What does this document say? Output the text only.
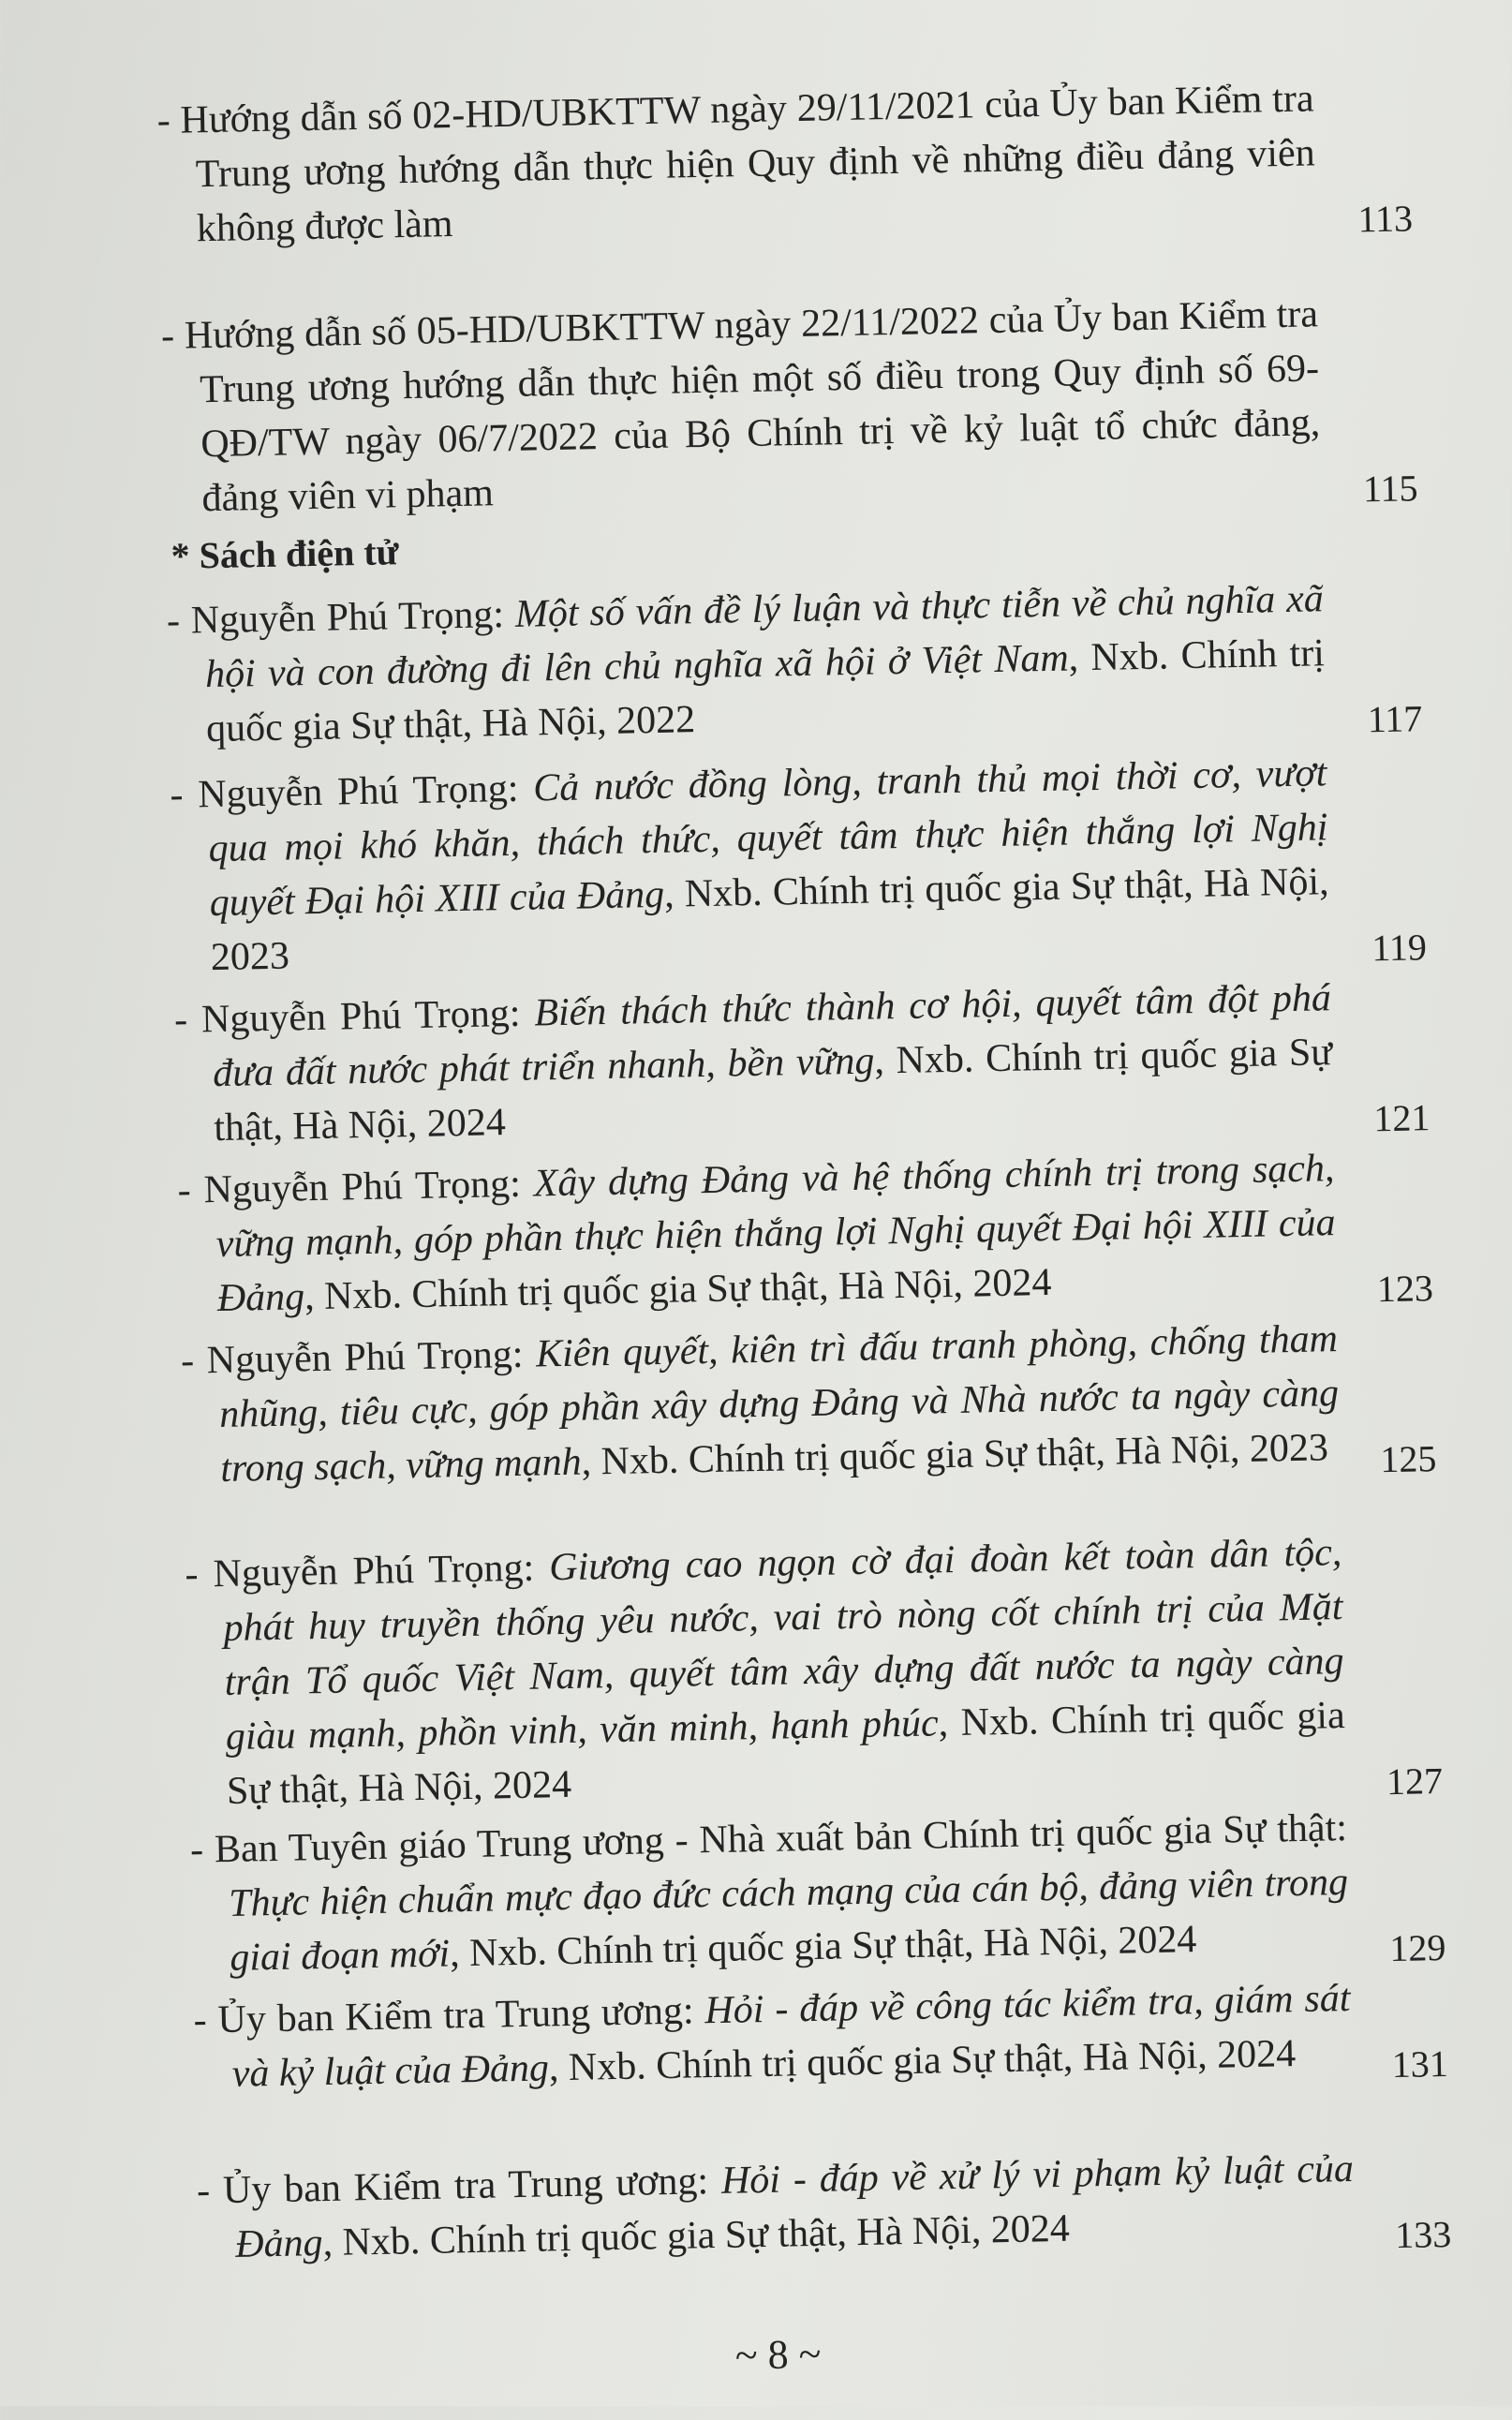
- Hướng dẫn số 02-HD/UBKTTW ngày 29/11/2021 của Ủy ban Kiểm tra Trung ương hướng dẫn thực hiện Quy định về những điều đảng viên không được làm	113
- Hướng dẫn số 05-HD/UBKTTW ngày 22/11/2022 của Ủy ban Kiểm tra Trung ương hướng dẫn thực hiện một số điều trong Quy định số 69-QĐ/TW ngày 06/7/2022 của Bộ Chính trị về kỷ luật tổ chức đảng, đảng viên vi phạm	115
* Sách điện tử
- Nguyễn Phú Trọng: Một số vấn đề lý luận và thực tiễn về chủ nghĩa xã hội và con đường đi lên chủ nghĩa xã hội ở Việt Nam, Nxb. Chính trị quốc gia Sự thật, Hà Nội, 2022	117
- Nguyễn Phú Trọng: Cả nước đồng lòng, tranh thủ mọi thời cơ, vượt qua mọi khó khăn, thách thức, quyết tâm thực hiện thắng lợi Nghị quyết Đại hội XIII của Đảng, Nxb. Chính trị quốc gia Sự thật, Hà Nội, 2023	119
- Nguyễn Phú Trọng: Biến thách thức thành cơ hội, quyết tâm đột phá đưa đất nước phát triển nhanh, bền vững, Nxb. Chính trị quốc gia Sự thật, Hà Nội, 2024	121
- Nguyễn Phú Trọng: Xây dựng Đảng và hệ thống chính trị trong sạch, vững mạnh, góp phần thực hiện thắng lợi Nghị quyết Đại hội XIII của Đảng, Nxb. Chính trị quốc gia Sự thật, Hà Nội, 2024	123
- Nguyễn Phú Trọng: Kiên quyết, kiên trì đấu tranh phòng, chống tham nhũng, tiêu cực, góp phần xây dựng Đảng và Nhà nước ta ngày càng trong sạch, vững mạnh, Nxb. Chính trị quốc gia Sự thật, Hà Nội, 2023	125
- Nguyễn Phú Trọng: Giương cao ngọn cờ đại đoàn kết toàn dân tộc, phát huy truyền thống yêu nước, vai trò nòng cốt chính trị của Mặt trận Tổ quốc Việt Nam, quyết tâm xây dựng đất nước ta ngày càng giàu mạnh, phồn vinh, văn minh, hạnh phúc, Nxb. Chính trị quốc gia Sự thật, Hà Nội, 2024	127
- Ban Tuyên giáo Trung ương - Nhà xuất bản Chính trị quốc gia Sự thật: Thực hiện chuẩn mực đạo đức cách mạng của cán bộ, đảng viên trong giai đoạn mới, Nxb. Chính trị quốc gia Sự thật, Hà Nội, 2024	129
- Ủy ban Kiểm tra Trung ương: Hỏi - đáp về công tác kiểm tra, giám sát và kỷ luật của Đảng, Nxb. Chính trị quốc gia Sự thật, Hà Nội, 2024	131
- Ủy ban Kiểm tra Trung ương: Hỏi - đáp về xử lý vi phạm kỷ luật của Đảng, Nxb. Chính trị quốc gia Sự thật, Hà Nội, 2024	133
~ 8 ~
